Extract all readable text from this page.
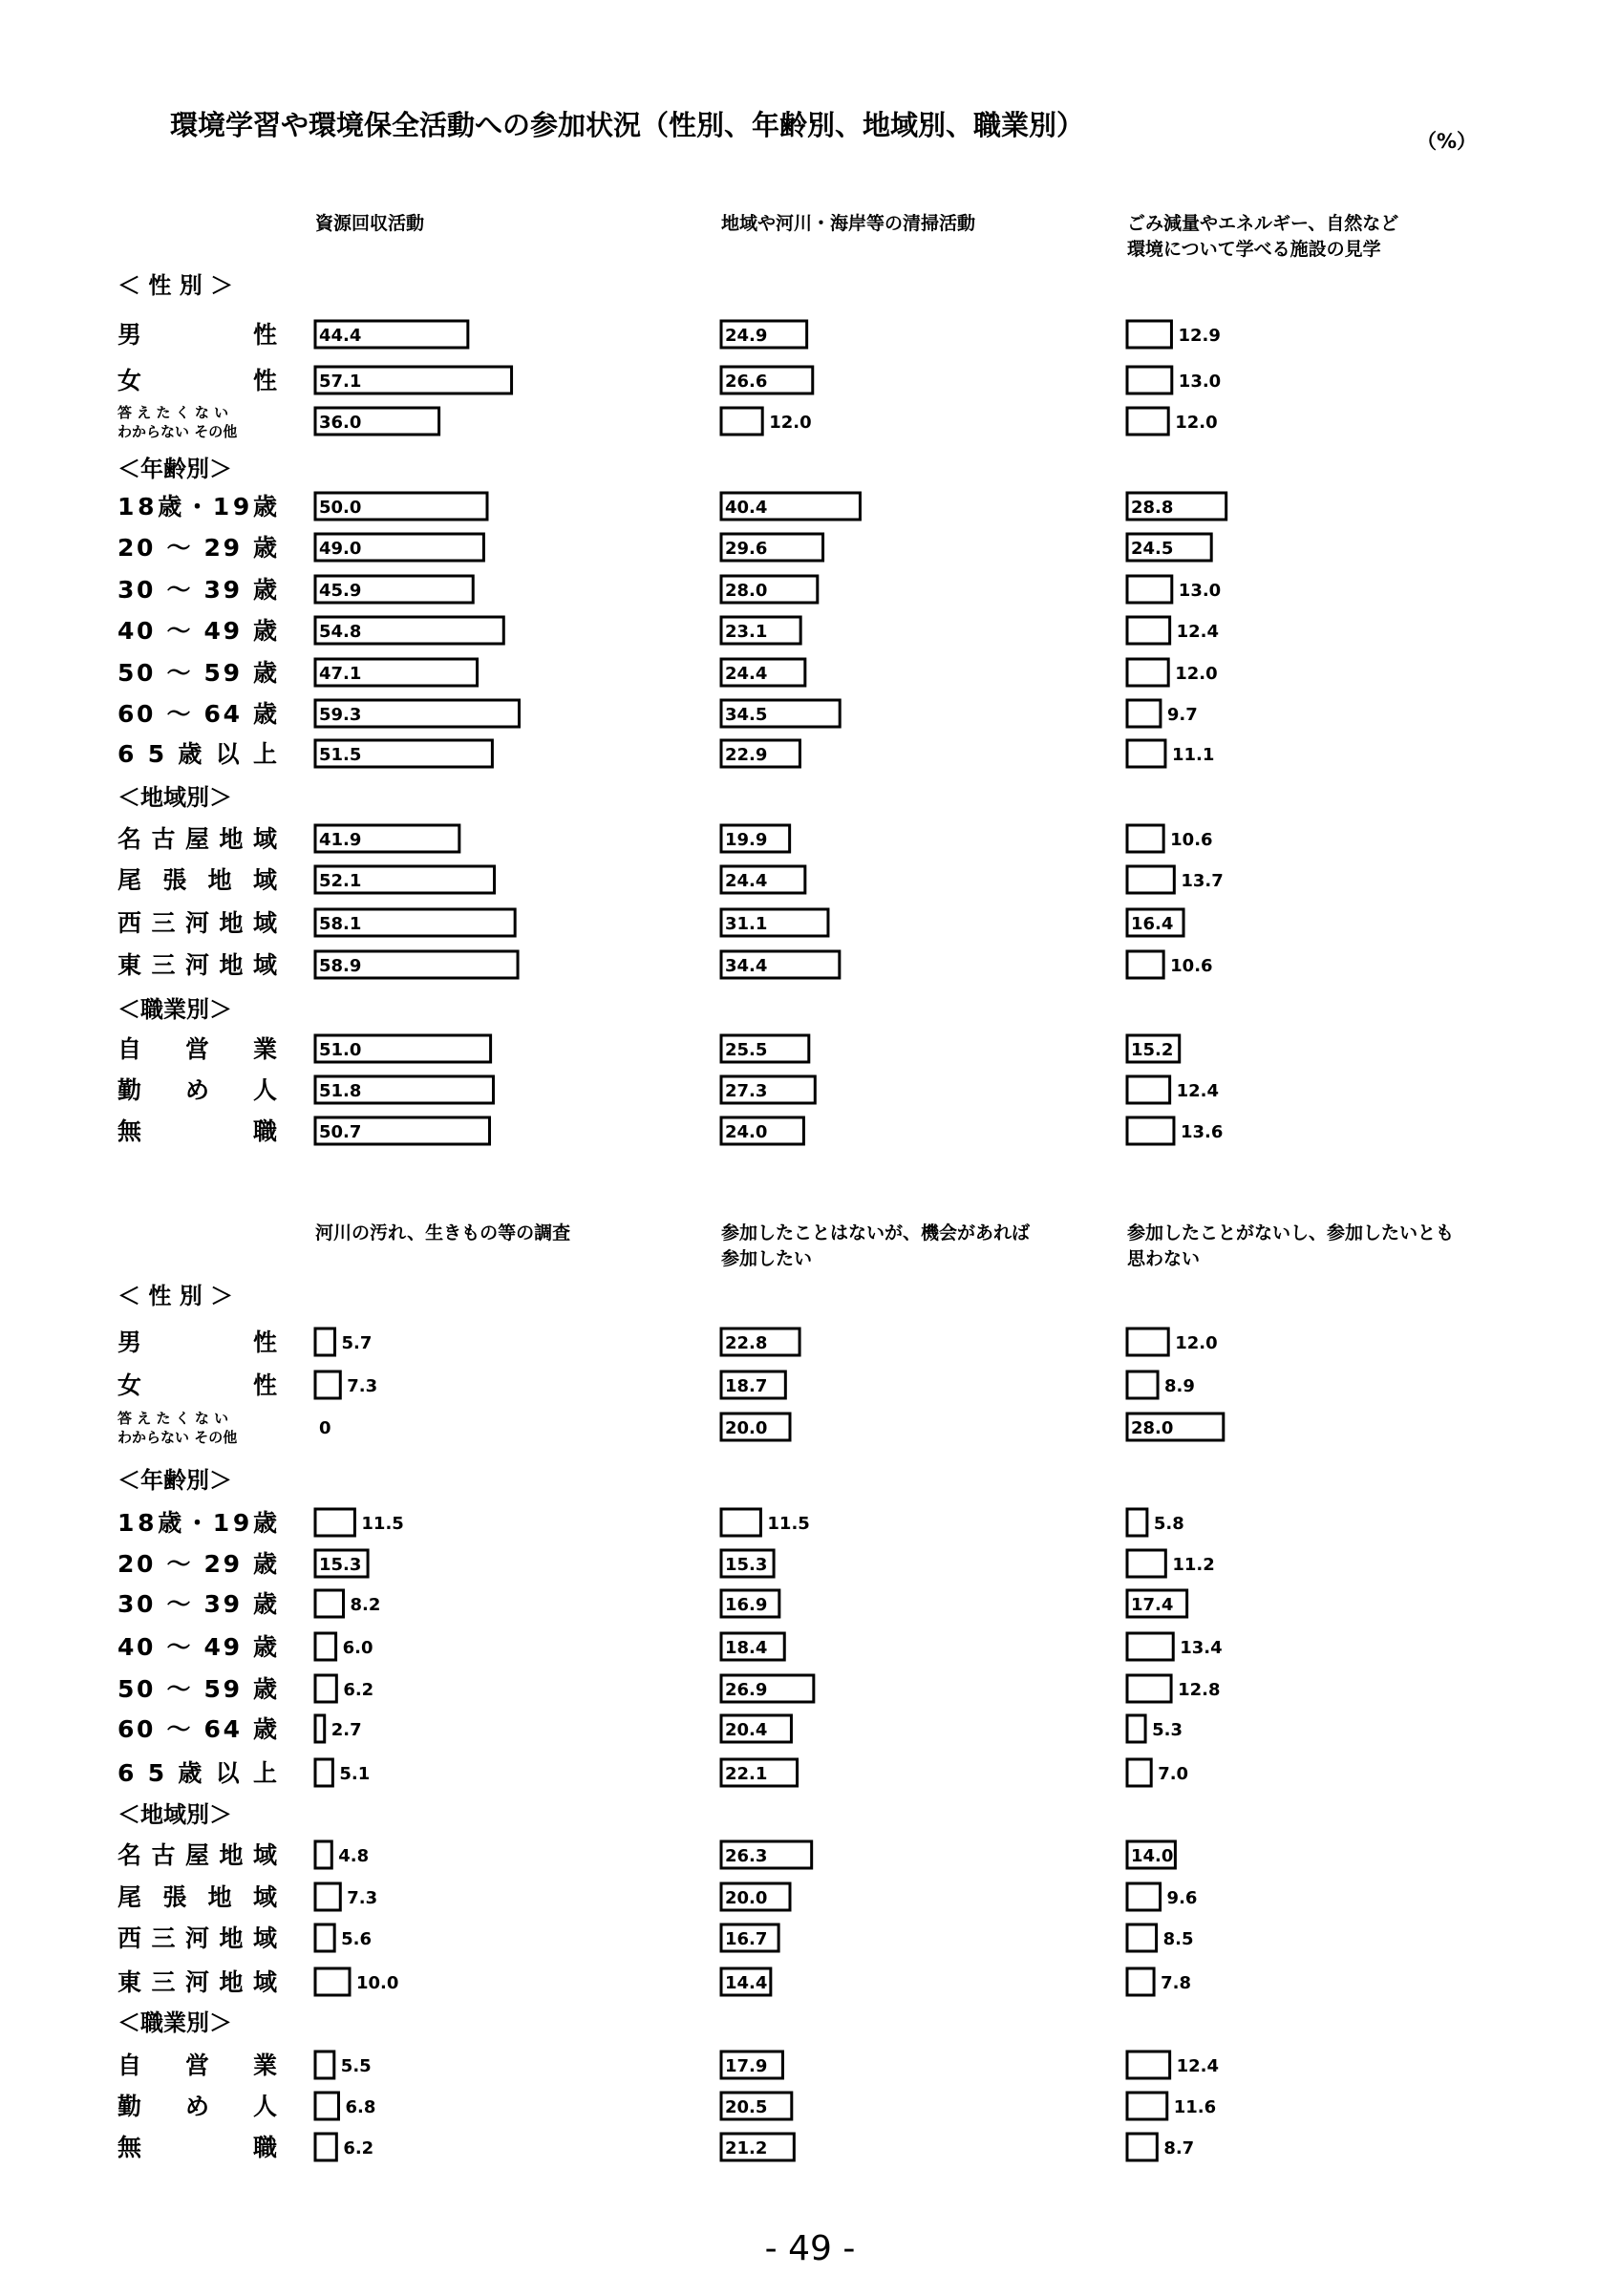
環境学習や環境保全活動への参加状況（性別、年齢別、地域別、職業別）	（%）
資源回収活動	地域や河川・海岸等の清掃活動	ごみ減量やエネルギー、自然など
環境について学べる施設の見学
＜ 性 別 ＞
男　　性 44.4	24.9	12.9
女　　性 57.1	26.6	13.0
答 え た く な い
わからない その他	36.0	12.0	12.0
＜年齢別＞
18歳・19歳 50.0	40.4	28.8
20 ～ 29 歳 49.0	29.6	24.5
30 ～ 39 歳 45.9	28.0	13.0
40 ～ 49 歳 54.8	23.1	12.4
50 ～ 59 歳 47.1	24.4	12.0
60 ～ 64 歳 59.3	34.5	9.7
6 5 歳 以 上 51.5	22.9	11.1
＜地域別＞
名古屋地域 41.9	19.9	10.6
尾 張 地 域 52.1	24.4	13.7
西三河地域 58.1	31.1	16.4
東三河地域 58.9	34.4	10.6
＜職業別＞
自　営　業 51.0	25.5	15.2
勤　め　人 51.8	27.3	12.4
無　　　職 50.7	24.0	13.6
河川の汚れ、生きもの等の調査	参加したことはないが、機会があれば
参加したい
参加したことがないし、参加したいとも
思わない
＜ 性 別 ＞
男　　性	5.7	22.8	12.0
女　　性	7.3	18.7	8.9
答 え た く な い
わからない その他	0	20.0	28.0
＜年齢別＞
18歳・19歳	11.5	11.5	5.8
20 ～ 29 歳 15.3	15.3	11.2
30 ～ 39 歳	8.2	16.9	17.4
40 ～ 49 歳	6.0	18.4	13.4
50 ～ 59 歳	6.2	26.9	12.8
60 ～ 64 歳	2.7	20.4	5.3
6 5 歳 以 上	5.1	22.1	7.0
＜地域別＞
名古屋地域	4.8	26.3	14.0
尾 張 地 域	7.3	20.0	9.6
西三河地域	5.6	16.7	8.5
東三河地域	10.0	14.4	7.8
＜職業別＞
自　営　業	5.5	17.9	12.4
勤　め　人	6.8	20.5	11.6
無　　　職	6.2	21.2	8.7
- 49 -
